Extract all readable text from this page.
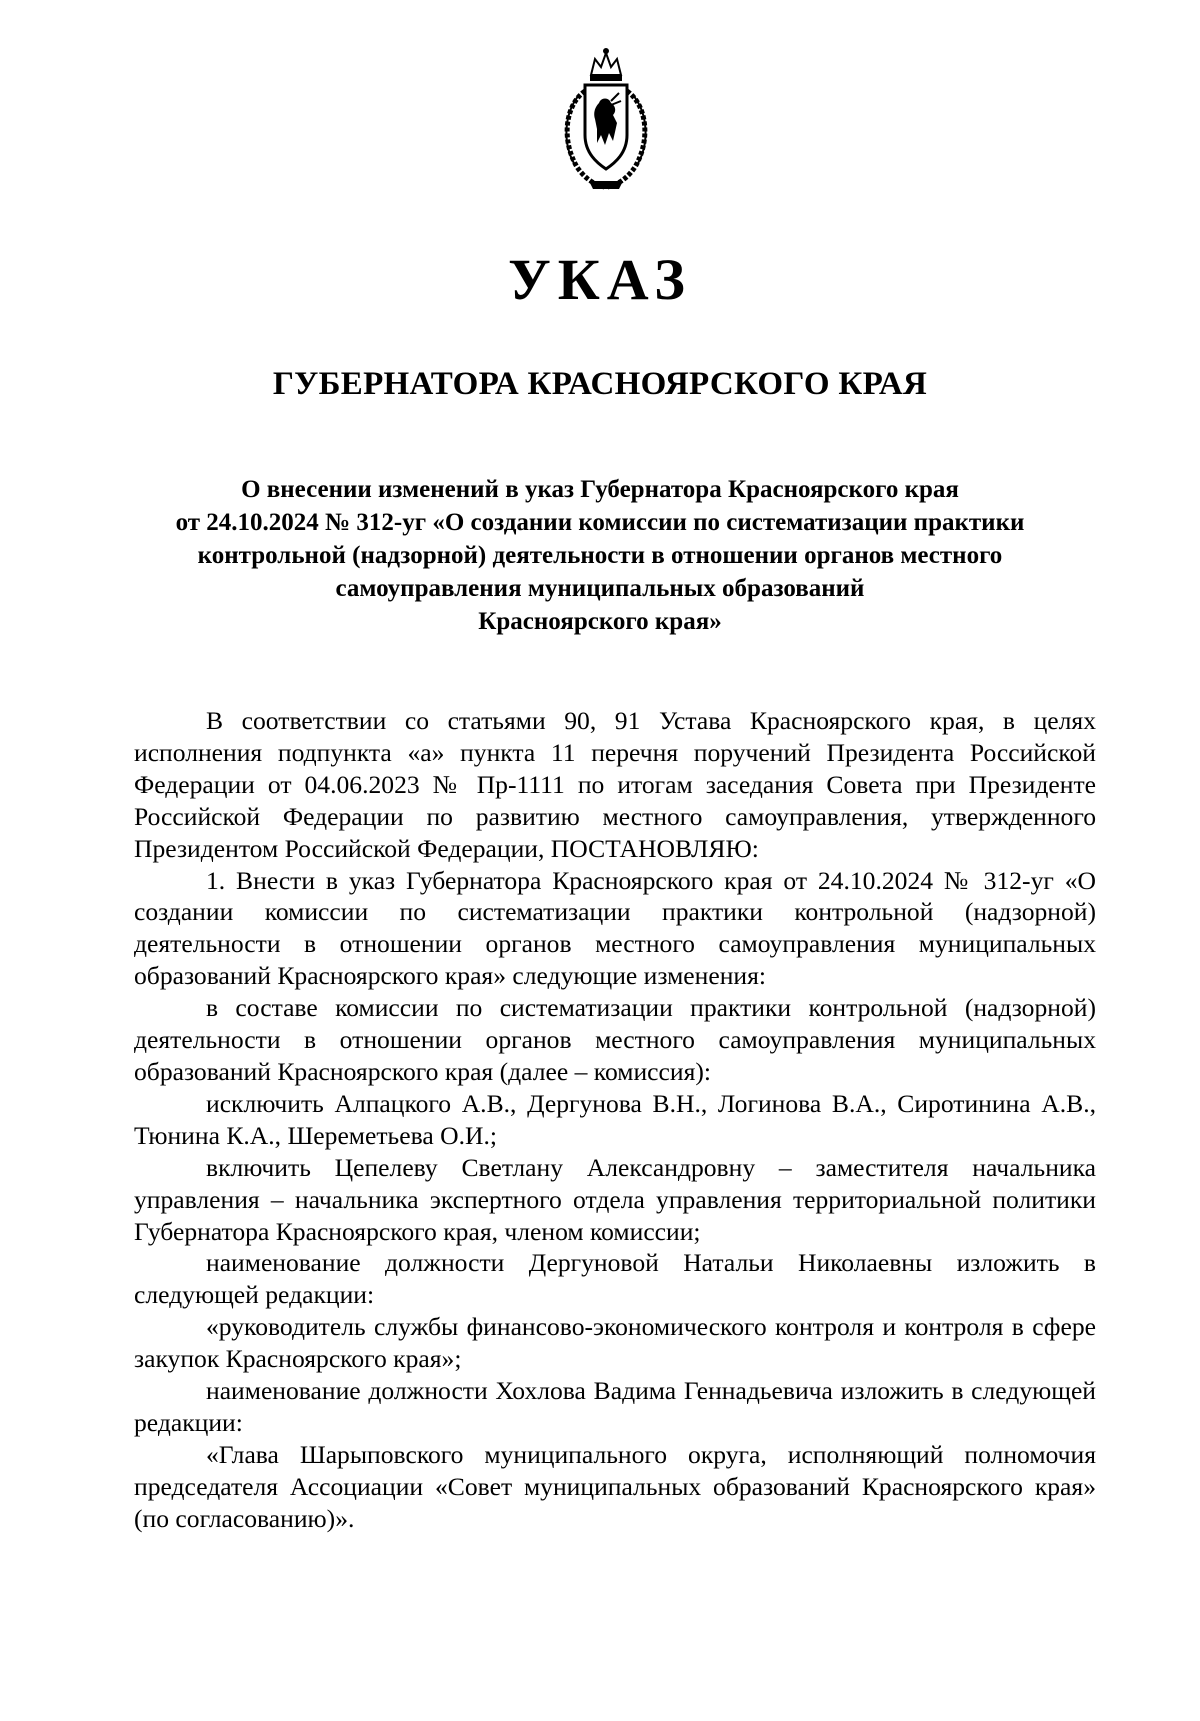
УКАЗ
ГУБЕРНАТОРА КРАСНОЯРСКОГО КРАЯ
О внесении изменений в указ Губернатора Красноярского края
от 24.10.2024 № 312-уг «О создании комиссии по систематизации практики
контрольной (надзорной) деятельности в отношении органов местного
самоуправления муниципальных образований
Красноярского края»

В соответствии со статьями 90, 91 Устава Красноярского края, в целях исполнения подпункта «а» пункта 11 перечня поручений Президента Российской Федерации от 04.06.2023 № Пр-1111 по итогам заседания Совета при Президенте Российской Федерации по развитию местного самоуправления, утвержденного Президентом Российской Федерации, ПОСТАНОВЛЯЮ:

1. Внести в указ Губернатора Красноярского края от 24.10.2024 № 312-уг «О создании комиссии по систематизации практики контрольной (надзорной) деятельности в отношении органов местного самоуправления муниципальных образований Красноярского края» следующие изменения:

в составе комиссии по систематизации практики контрольной (надзорной) деятельности в отношении органов местного самоуправления муниципальных образований Красноярского края (далее – комиссия):

исключить Алпацкого А.В., Дергунова В.Н., Логинова В.А., Сиротинина А.В., Тюнина К.А., Шереметьева О.И.;

включить Цепелеву Светлану Александровну – заместителя начальника управления – начальника экспертного отдела управления территориальной политики Губернатора Красноярского края, членом комиссии;

наименование должности Дергуновой Натальи Николаевны изложить в следующей редакции:

«руководитель службы финансово-экономического контроля и контроля в сфере закупок Красноярского края»;

наименование должности Хохлова Вадима Геннадьевича изложить в следующей редакции:

«Глава Шарыповского муниципального округа, исполняющий полномочия председателя Ассоциации «Совет муниципальных образований Красноярского края» (по согласованию)».
